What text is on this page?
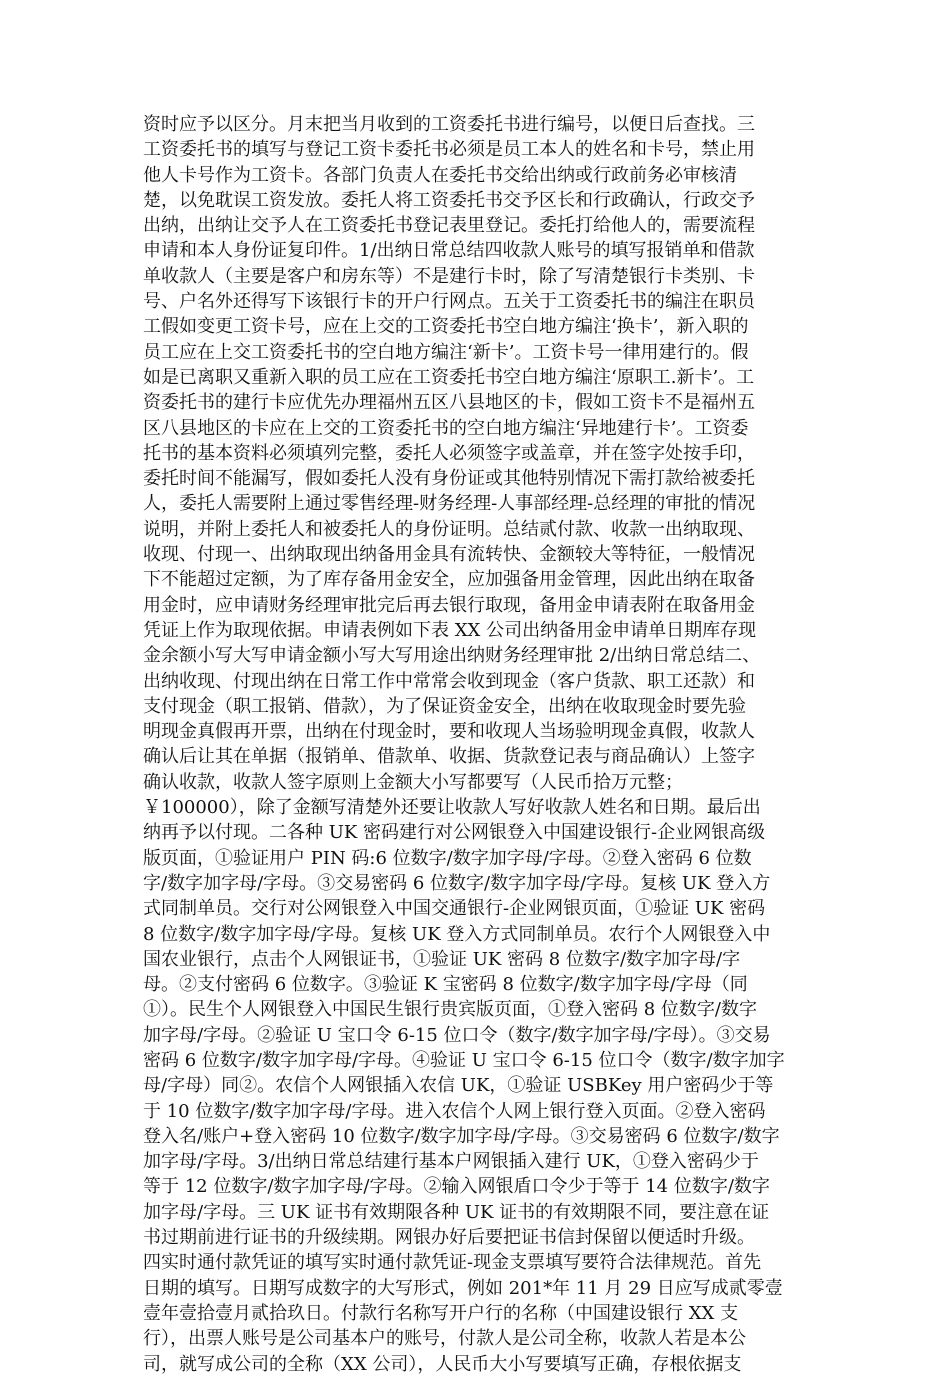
资时应予以区分。月末把当月收到的工资委托书进行编号，以便日后查找。三
工资委托书的填写与登记工资卡委托书必须是员工本人的姓名和卡号，禁止用
他人卡号作为工资卡。各部门负责人在委托书交给出纳或行政前务必审核清
楚，以免耽误工资发放。委托人将工资委托书交予区长和行政确认，行政交予
出纳，出纳让交予人在工资委托书登记表里登记。委托打给他人的，需要流程
申请和本人身份证复印件。1/出纳日常总结四收款人账号的填写报销单和借款
单收款人（主要是客户和房东等）不是建行卡时，除了写清楚银行卡类别、卡
号、户名外还得写下该银行卡的开户行网点。五关于工资委托书的编注在职员
工假如变更工资卡号，应在上交的工资委托书空白地方编注‘换卡’，新入职的
员工应在上交工资委托书的空白地方编注‘新卡’。工资卡号一律用建行的。假
如是已离职又重新入职的员工应在工资委托书空白地方编注‘原职工.新卡’。工
资委托书的建行卡应优先办理福州五区八县地区的卡，假如工资卡不是福州五
区八县地区的卡应在上交的工资委托书的空白地方编注‘异地建行卡’。工资委
托书的基本资料必须填列完整，委托人必须签字或盖章，并在签字处按手印，
委托时间不能漏写，假如委托人没有身份证或其他特别情况下需打款给被委托
人，委托人需要附上通过零售经理-财务经理-人事部经理-总经理的审批的情况
说明，并附上委托人和被委托人的身份证明。总结贰付款、收款一出纳取现、
收现、付现一、出纳取现出纳备用金具有流转快、金额较大等特征，一般情况
下不能超过定额，为了库存备用金安全，应加强备用金管理，因此出纳在取备
用金时，应申请财务经理审批完后再去银行取现，备用金申请表附在取备用金
凭证上作为取现依据。申请表例如下表 XX 公司出纳备用金申请单日期库存现
金余额小写大写申请金额小写大写用途出纳财务经理审批 2/出纳日常总结二、
出纳收现、付现出纳在日常工作中常常会收到现金（客户货款、职工还款）和
支付现金（职工报销、借款），为了保证资金安全，出纳在收取现金时要先验
明现金真假再开票，出纳在付现金时，要和收现人当场验明现金真假，收款人
确认后让其在单据（报销单、借款单、收据、货款登记表与商品确认）上签字
确认收款，收款人签字原则上金额大小写都要写（人民币拾万元整；
￥100000），除了金额写清楚外还要让收款人写好收款人姓名和日期。最后出
纳再予以付现。二各种 UK 密码建行对公网银登入中国建设银行-企业网银高级
版页面，①验证用户 PIN 码:6 位数字/数字加字母/字母。②登入密码 6 位数
字/数字加字母/字母。③交易密码 6 位数字/数字加字母/字母。复核 UK 登入方
式同制单员。交行对公网银登入中国交通银行-企业网银页面，①验证 UK 密码
8 位数字/数字加字母/字母。复核 UK 登入方式同制单员。农行个人网银登入中
国农业银行，点击个人网银证书，①验证 UK 密码 8 位数字/数字加字母/字
母。②支付密码 6 位数字。③验证 K 宝密码 8 位数字/数字加字母/字母（同
①）。民生个人网银登入中国民生银行贵宾版页面，①登入密码 8 位数字/数字
加字母/字母。②验证 U 宝口令 6-15 位口令（数字/数字加字母/字母）。③交易
密码 6 位数字/数字加字母/字母。④验证 U 宝口令 6-15 位口令（数字/数字加字
母/字母）同②。农信个人网银插入农信 UK，①验证 USBKey 用户密码少于等
于 10 位数字/数字加字母/字母。进入农信个人网上银行登入页面。②登入密码
登入名/账户+登入密码 10 位数字/数字加字母/字母。③交易密码 6 位数字/数字
加字母/字母。3/出纳日常总结建行基本户网银插入建行 UK，①登入密码少于
等于 12 位数字/数字加字母/字母。②输入网银盾口令少于等于 14 位数字/数字
加字母/字母。三 UK 证书有效期限各种 UK 证书的有效期限不同，要注意在证
书过期前进行证书的升级续期。网银办好后要把证书信封保留以便适时升级。
四实时通付款凭证的填写实时通付款凭证-现金支票填写要符合法律规范。首先
日期的填写。日期写成数字的大写形式，例如 201*年 11 月 29 日应写成贰零壹
壹年壹拾壹月贰拾玖日。付款行名称写开户行的名称（中国建设银行 XX 支
行），出票人账号是公司基本户的账号，付款人是公司全称，收款人若是本公
司，就写成公司的全称（XX 公司），人民币大小写要填写正确，存根依据支
